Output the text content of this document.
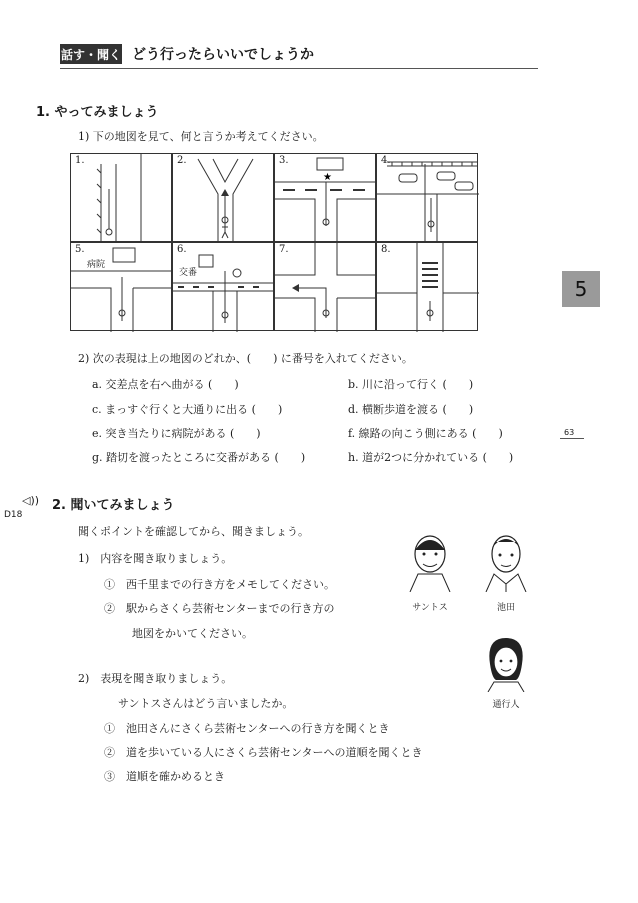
話す・聞く どう行ったらいいでしょうか
1. やってみましょう
1) 下の地図を見て、何と言うか考えてください。
1.	2.	3.
★
4.
5.
病院
6.
交番
7.	8.
5
63
2) 次の表現は上の地図のどれか、(　　) に番号を入れてください。
a. 交差点を右へ曲がる (　　)	b. 川に沿って行く (　　)
c. まっすぐ行くと大通りに出る (　　)	d. 横断歩道を渡る (　　)
e. 突き当たりに病院がある (　　)	f. 線路の向こう側にある (　　)
g. 踏切を渡ったところに交番がある (　　)	h. 道が2つに分かれている (　　)
◁))
D18
2. 聞いてみましょう
聞くポイントを確認してから、聞きましょう。
1)　内容を聞き取りましょう。
①　西千里までの行き方をメモしてください。
②　駅からさくら芸術センターまでの行き方の
地図をかいてください。
2)　表現を聞き取りましょう。
サントスさんはどう言いましたか。
①　池田さんにさくら芸術センターへの行き方を聞くとき
②　道を歩いている人にさくら芸術センターへの道順を聞くとき
③　道順を確かめるとき
サントス	池田
通行人
